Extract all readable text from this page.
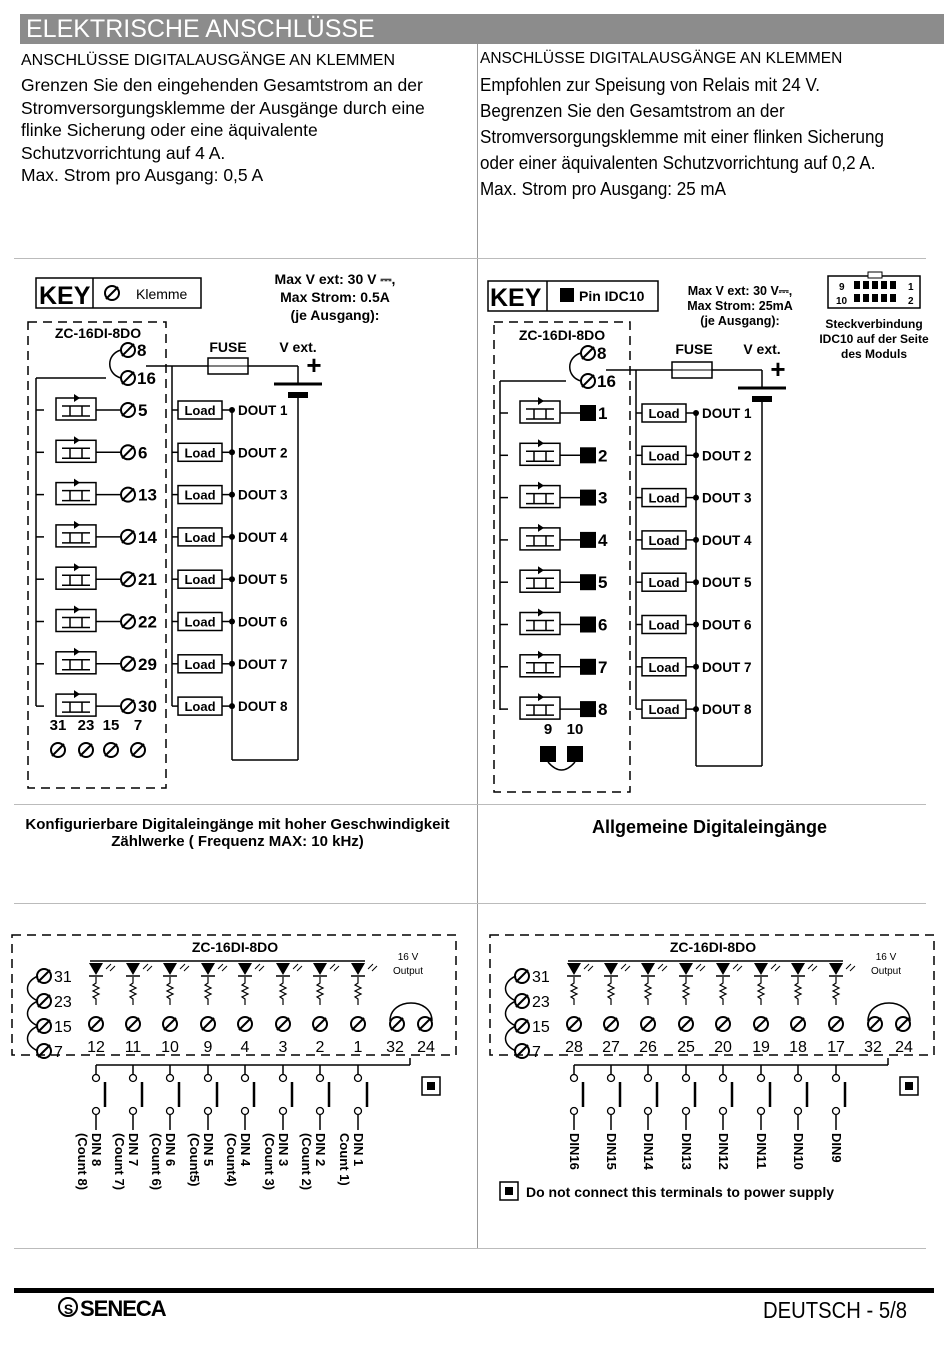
ELEKTRISCHE ANSCHLÜSSE
ANSCHLÜSSE DIGITALAUSGÄNGE AN KLEMMEN
Grenzen Sie den eingehenden Gesamtstrom an der
Stromversorgungsklemme der Ausgänge durch eine
flinke Sicherung oder eine äquivalente
Schutzvorrichtung auf 4 A.
Max. Strom pro Ausgang: 0,5 A
ANSCHLÜSSE DIGITALAUSGÄNGE AN KLEMMEN
Empfohlen zur Speisung von Relais mit 24 V.
Begrenzen Sie den Gesamtstrom an der
Stromversorgungsklemme mit einer flinken Sicherung
oder einer äquivalenten Schutzvorrichtung auf 0,2 A.
Max. Strom pro Ausgang: 25 mA
KEY	Klemme
Max V ext: 30 V ⎓,
Max Strom: 0.5A
(je Ausgang):
ZC-16DI-8DO
8
16
FUSE V ext.
+
5	Load DOUT 1
6	Load DOUT 2
13 Load DOUT 3
14 Load DOUT 4
21 Load DOUT 5
22 Load DOUT 6
29 Load DOUT 7
30 Load DOUT 8
31 23 15 7
KEY	Pin IDC10	Max V ext: 30 V⎓,
Max Strom: 25mA
(je Ausgang):
9	1
10	2
Steckverbindung
IDC10 auf der Seite
des Moduls
ZC-16DI-8DO
8
16
FUSE V ext.
+
1	Load DOUT 1
2	Load DOUT 2
3	Load DOUT 3
4	Load DOUT 4
5	Load DOUT 5
6	Load DOUT 6
7	Load DOUT 7
8	Load DOUT 8
9 10
Konfigurierbare Digitaleingänge mit hoher Geschwindigkeit
Zählwerke ( Frequenz MAX: 10 kHz)
Allgemeine Digitaleingänge
ZC-16DI-8DO
16 V
Output
31
23
15
7 12
DIN 8
(Count 8)
11
DIN 7
(Count 7)
10
DIN 6
(Count 6)
9
DIN 5
(Count5)
4
DIN 4
(Count4)
3
DIN 3
(Count 3)
2
DIN 2
(Count 2)
1
DIN 1
Count 1)
32 24
ZC-16DI-8DO
16 V
Output
31
23
15
7 28
DIN16
27
DIN15
26
DIN14
25
DIN13
20
DIN12
19
DIN11
18
DIN10
17
DIN9
32 24
Do not connect this terminals to power supply
S SENECA	DEUTSCH - 5/8
